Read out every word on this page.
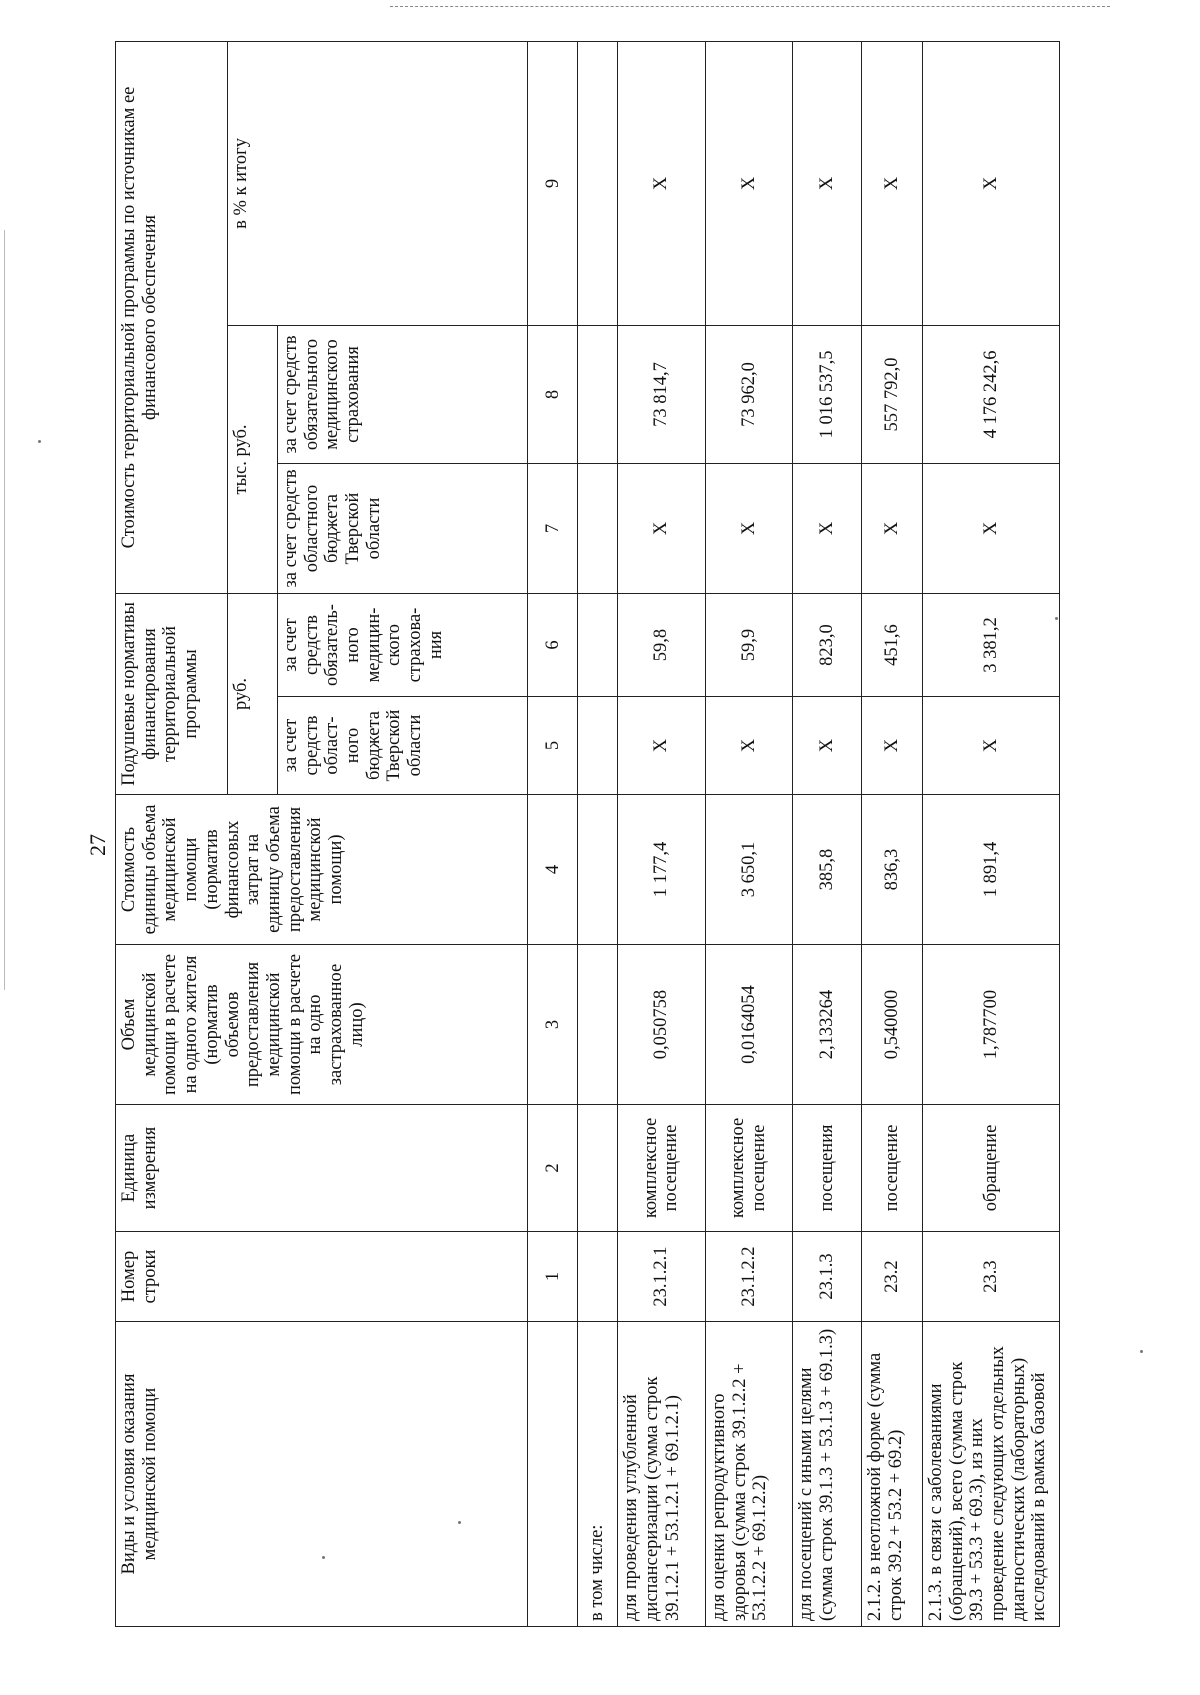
27
Виды и условия оказания медицинской помощи	Номер строки	Единица измерения	Объем медицинской помощи в расчете на одного жителя (норматив объемов предоставления медицинской помощи в расчете на одно застрахованное лицо)	Стоимость единицы объема медицинской помощи (норматив финансовых затрат на единицу объема предоставления медицинской помощи)	Подушевые нормативы финансирования территориальной программы		Стоимость территориальной программы по источникам ее финансового обеспечения		
					руб.		тыс. руб.		в % к итогу
					за счет средств област-ного бюджета Тверской области	за счет средств обязатель-ного медицин-ского страхова-ния	за счет средств областного бюджета Тверской области	за счет средств обязательного медицинского страхования	
	1	2	3	4	5	6	7	8	9
в том числе:									
для проведения углубленной диспансеризации (сумма строк 39.1.2.1 + 53.1.2.1 + 69.1.2.1)	23.1.2.1	комплексное посещение	0,050758	1 177,4	Х	59,8	Х	73 814,7	Х
для оценки репродуктивного здоровья (сумма строк 39.1.2.2 + 53.1.2.2 + 69.1.2.2)	23.1.2.2	комплексное посещение	0,0164054	3 650,1	Х	59,9	Х	73 962,0	Х
для посещений с иными целями (сумма строк 39.1.3 + 53.1.3 + 69.1.3)	23.1.3	посещения	2,133264	385,8	Х	823,0	Х	1 016 537,5	Х
2.1.2. в неотложной форме (сумма строк 39.2 + 53.2 + 69.2)	23.2	посещение	0,540000	836,3	Х	451,6	Х	557 792,0	Х
2.1.3. в связи с заболеваниями (обращений), всего (сумма строк 39.3 + 53.3 + 69.3), из них проведение следующих отдельных диагностических (лабораторных) исследований в рамках базовой	23.3	обращение	1,787700	1 891,4	Х	3 381,2	Х	4 176 242,6	Х
